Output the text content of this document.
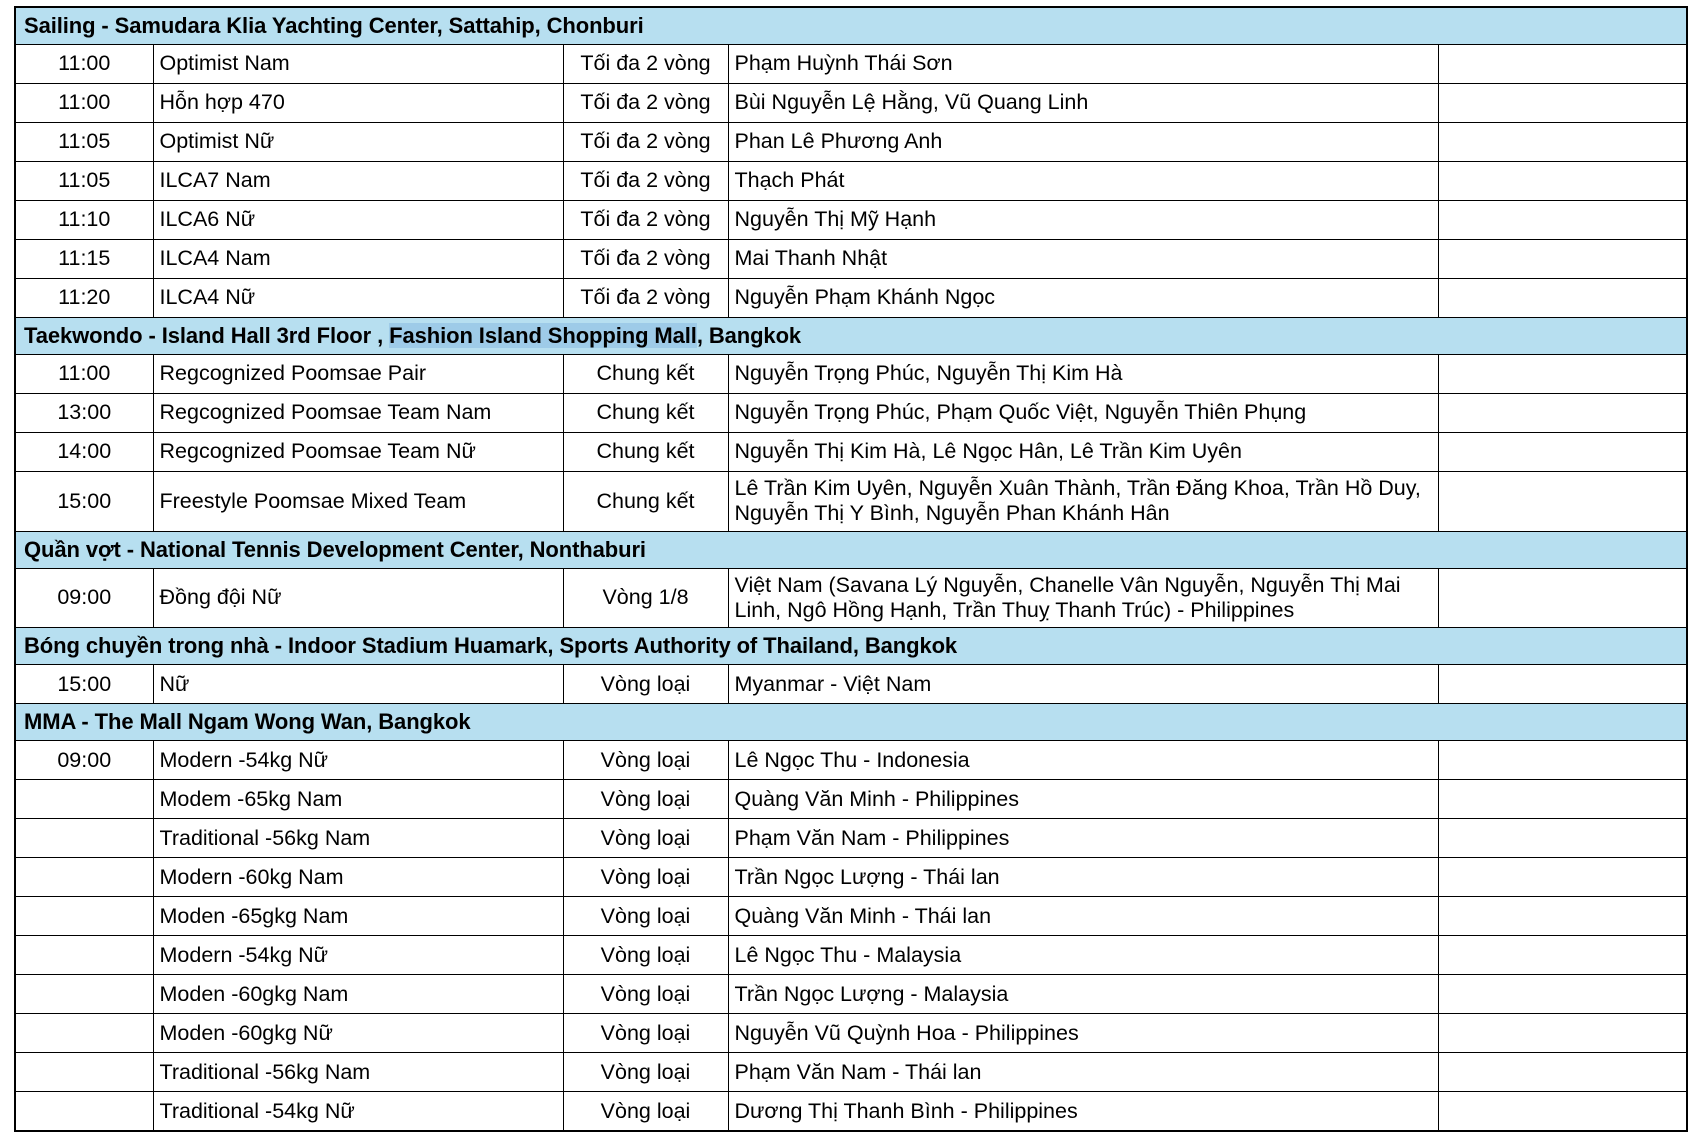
Sailing - Samudara Klia Yachting Center, Sattahip, Chonburi				
11:00	Optimist Nam	Tối đa 2 vòng	Phạm Huỳnh Thái Sơn	
11:00	Hỗn hợp 470	Tối đa 2 vòng	Bùi Nguyễn Lệ Hằng, Vũ Quang Linh	
11:05	Optimist Nữ	Tối đa 2 vòng	Phan Lê Phương Anh	
11:05	ILCA7 Nam	Tối đa 2 vòng	Thạch Phát	
11:10	ILCA6 Nữ	Tối đa 2 vòng	Nguyễn Thị Mỹ Hạnh	
11:15	ILCA4 Nam	Tối đa 2 vòng	Mai Thanh Nhật	
11:20	ILCA4 Nữ	Tối đa 2 vòng	Nguyễn Phạm Khánh Ngọc	
Taekwondo - Island Hall 3rd Floor , Fashion Island Shopping Mall, Bangkok				
11:00	Regcognized Poomsae Pair	Chung kết	Nguyễn Trọng Phúc, Nguyễn Thị Kim Hà	
13:00	Regcognized Poomsae Team Nam	Chung kết	Nguyễn Trọng Phúc, Phạm Quốc Việt, Nguyễn Thiên Phụng	
14:00	Regcognized Poomsae Team Nữ	Chung kết	Nguyễn Thị Kim Hà, Lê Ngọc Hân, Lê Trần Kim Uyên	
15:00	Freestyle Poomsae Mixed Team	Chung kết	Lê Trần Kim Uyên, Nguyễn Xuân Thành, Trần Đăng Khoa, Trần Hồ Duy, Nguyễn Thị Y Bình, Nguyễn Phan Khánh Hân	
Quần vợt - National Tennis Development Center, Nonthaburi				
09:00	Đồng đội Nữ	Vòng 1/8	Việt Nam (Savana Lý Nguyễn, Chanelle Vân Nguyễn, Nguyễn Thị Mai Linh, Ngô Hồng Hạnh, Trần Thuỵ Thanh Trúc) - Philippines	
Bóng chuyền trong nhà - Indoor Stadium Huamark, Sports Authority of Thailand, Bangkok				
15:00	Nữ	Vòng loại	Myanmar - Việt Nam	
MMA - The Mall Ngam Wong Wan, Bangkok				
09:00	Modern -54kg Nữ	Vòng loại	Lê Ngọc Thu - Indonesia	
	Modem -65kg Nam	Vòng loại	Quàng Văn Minh - Philippines	
	Traditional -56kg Nam	Vòng loại	Phạm Văn Nam - Philippines	
	Modern -60kg Nam	Vòng loại	Trần Ngọc Lượng - Thái lan	
	Moden -65gkg Nam	Vòng loại	Quàng Văn Minh - Thái lan	
	Modern -54kg Nữ	Vòng loại	Lê Ngọc Thu - Malaysia	
	Moden -60gkg Nam	Vòng loại	Trần Ngọc Lượng - Malaysia	
	Moden -60gkg Nữ	Vòng loại	Nguyễn Vũ Quỳnh Hoa - Philippines	
	Traditional -56kg Nam	Vòng loại	Phạm Văn Nam - Thái lan	
	Traditional -54kg Nữ	Vòng loại	Dương Thị Thanh Bình - Philippines	
